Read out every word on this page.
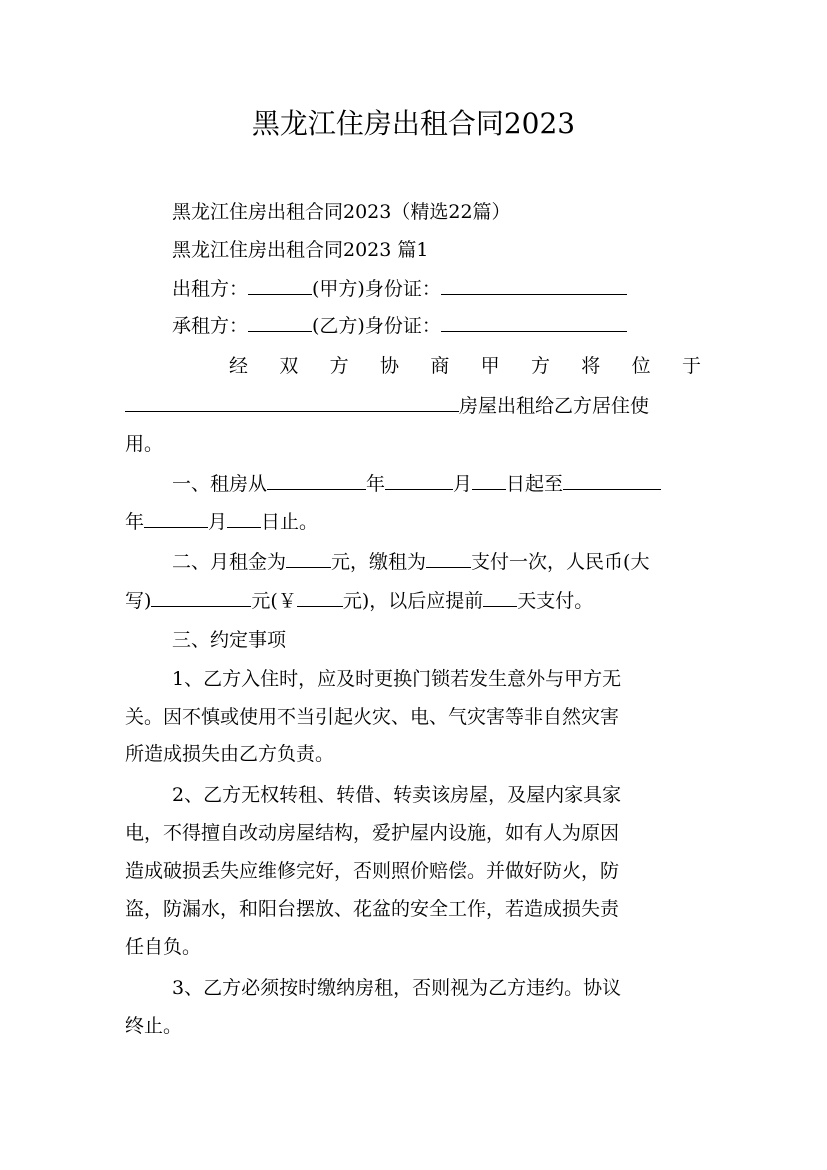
黑龙江住房出租合同2023
黑龙江住房出租合同2023（精选22篇）
黑龙江住房出租合同2023 篇1
出租方：	(甲方)身份证：
承租方：	(乙方)身份证：
经 双 方 协 商 甲 方 将 位 于
房屋出租给乙方居住使
用。
一、租房从	年	月 日起至
年	月 日止。
二、月租金为 元，缴租为 支付一次，人民币(大
写)	元(￥ 元)，以后应提前 天支付。
三、约定事项
1、乙方入住时，应及时更换门锁若发生意外与甲方无
关。因不慎或使用不当引起火灾、电、气灾害等非自然灾害
所造成损失由乙方负责。
2、乙方无权转租、转借、转卖该房屋，及屋内家具家
电，不得擅自改动房屋结构，爱护屋内设施，如有人为原因
造成破损丢失应维修完好，否则照价赔偿。并做好防火，防
盗，防漏水，和阳台摆放、花盆的安全工作，若造成损失责
任自负。
3、乙方必须按时缴纳房租，否则视为乙方违约。协议
终止。
